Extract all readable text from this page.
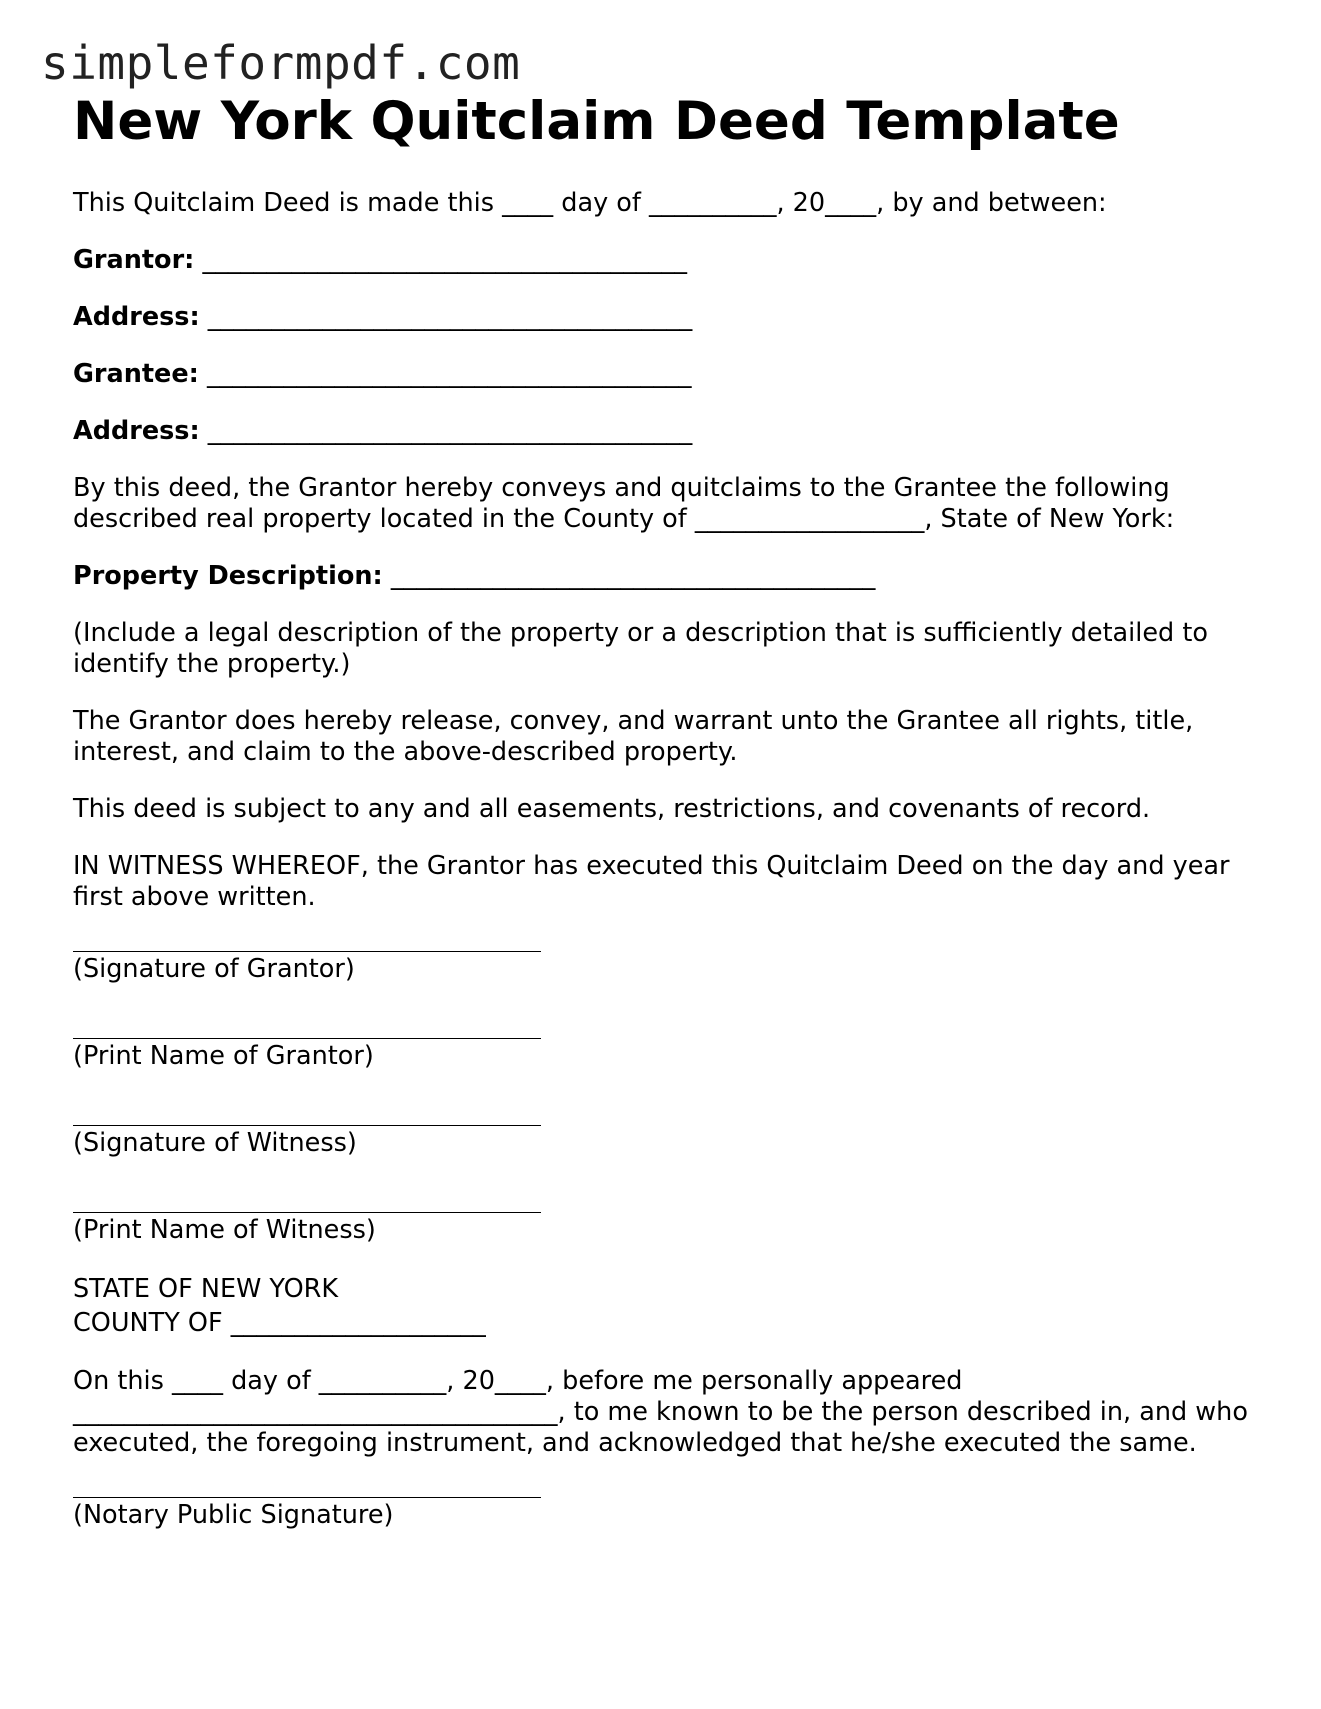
simpleformpdf.com
New York Quitclaim Deed Template

This Quitclaim Deed is made this ____ day of __________, 20____, by and between:

Grantor: ______________________________________

Address: ______________________________________

Grantee: ______________________________________

Address: ______________________________________

By this deed, the Grantor hereby conveys and quitclaims to the Grantee the following described real property located in the County of __________________, State of New York:

Property Description: ______________________________________

(Include a legal description of the property or a description that is sufficiently detailed to identify the property.)

The Grantor does hereby release, convey, and warrant unto the Grantee all rights, title, interest, and claim to the above-described property.

This deed is subject to any and all easements, restrictions, and covenants of record.

IN WITNESS WHEREOF, the Grantor has executed this Quitclaim Deed on the day and year first above written.

(Signature of Grantor)
(Print Name of Grantor)
(Signature of Witness)
(Print Name of Witness)
STATE OF NEW YORK
COUNTY OF ____________________

On this ____ day of __________, 20____, before me personally appeared ______________________________________, to me known to be the person described in, and who executed, the foregoing instrument, and acknowledged that he/she executed the same.

(Notary Public Signature)
